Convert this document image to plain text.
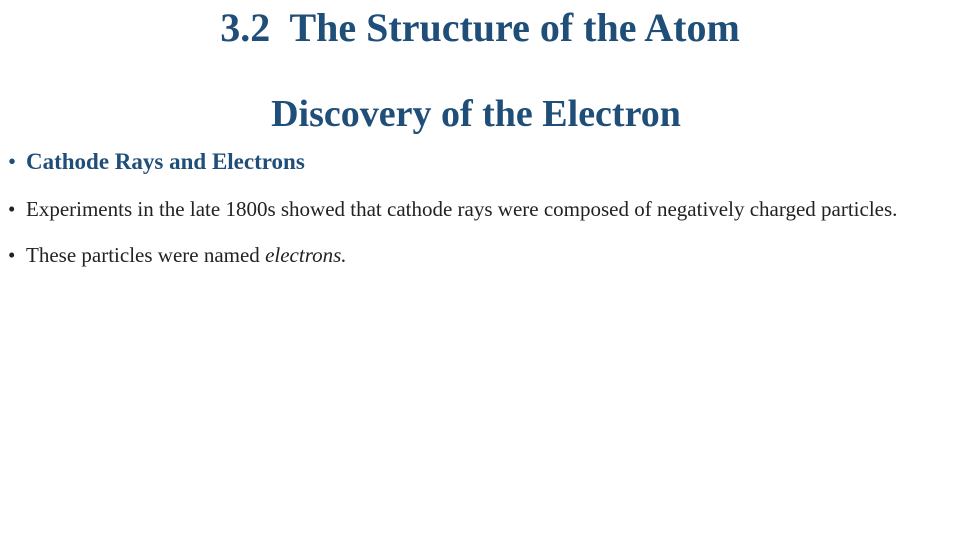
3.2  The Structure of the Atom
Discovery of the Electron
• Cathode Rays and Electrons
• Experiments in the late 1800s showed that cathode rays were composed of negatively charged particles.
• These particles were named electrons.
